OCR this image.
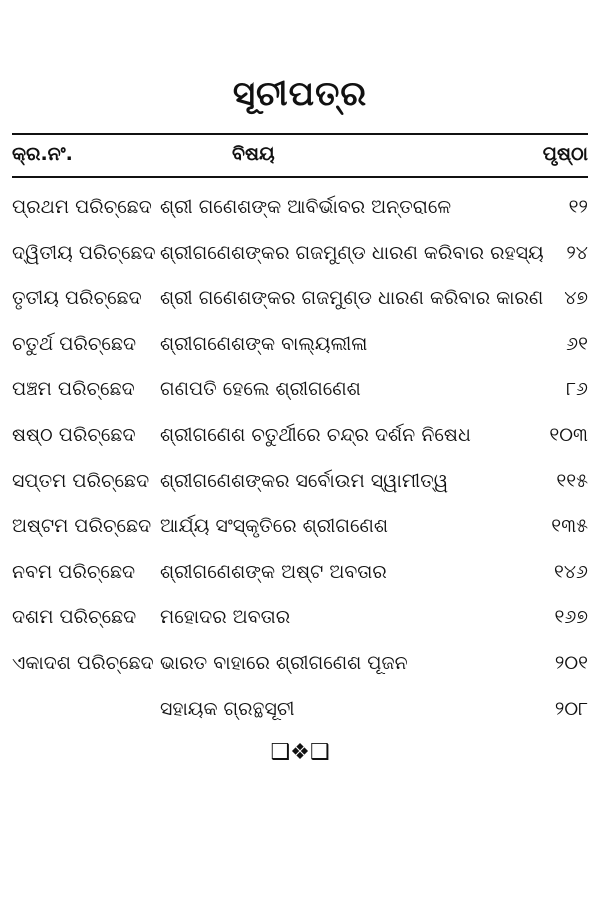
ସୂଚୀପତ୍ର
କ୍ର.ନଂ.	ବିଷୟ	ପୃଷ୍ଠା
ପ୍ରଥମ ପରିଚ୍ଛେଦ ଶ୍ରୀ ଗଣେଶଙ୍କ ଆବିର୍ଭାବର ଅନ୍ତରାଳେ	୧୨
ଦ୍ୱିତୀୟ ପରିଚ୍ଛେଦ ଶ୍ରୀଗଣେଶଙ୍କର ଗଜମୁଣ୍ଡ ଧାରଣ କରିବାର ରହସ୍ୟ ୨୪
ତୃତୀୟ ପରିଚ୍ଛେଦ ଶ୍ରୀ ଗଣେଶଙ୍କର ଗଜମୁଣ୍ଡ ଧାରଣ କରିବାର କାରଣ ୪୭
ଚତୁର୍ଥ ପରିଚ୍ଛେଦ ଶ୍ରୀଗଣେଶଙ୍କ ବାଲ୍ୟଲୀଳା	୬୧
ପଞ୍ଚମ ପରିଚ୍ଛେଦ ଗଣପତି ହେଲେ ଶ୍ରୀଗଣେଶ	୮୬
ଷଷ୍ଠ ପରିଚ୍ଛେଦ ଶ୍ରୀଗଣେଶ ଚତୁର୍ଥୀରେ ଚନ୍ଦ୍ର ଦର୍ଶନ ନିଷେଧ	୧୦୩
ସପ୍ତମ ପରିଚ୍ଛେଦ ଶ୍ରୀଗଣେଶଙ୍କର ସର୍ବୋଉମ ସ୍ୱାମୀତ୍ୱ	୧୧୫
ଅଷ୍ଟମ ପରିଚ୍ଛେଦ ଆର୍ଯ୍ୟ ସଂସ୍କୃତିରେ ଶ୍ରୀଗଣେଶ	୧୩୫
ନବମ ପରିଚ୍ଛେଦ ଶ୍ରୀଗଣେଶଙ୍କ ଅଷ୍ଟ ଅବତାର	୧୪୬
ଦଶମ ପରିଚ୍ଛେଦ ମହୋଦର ଅବତାର	୧୬୭
ଏକାଦଶ ପରିଚ୍ଛେଦ ଭାରତ ବାହାରେ ଶ୍ରୀଗଣେଶ ପୂଜନ	୨୦୧
ସହାୟକ ଗ୍ରନ୍ଥସୂଚୀ	୨୦୮
❑❖❑
